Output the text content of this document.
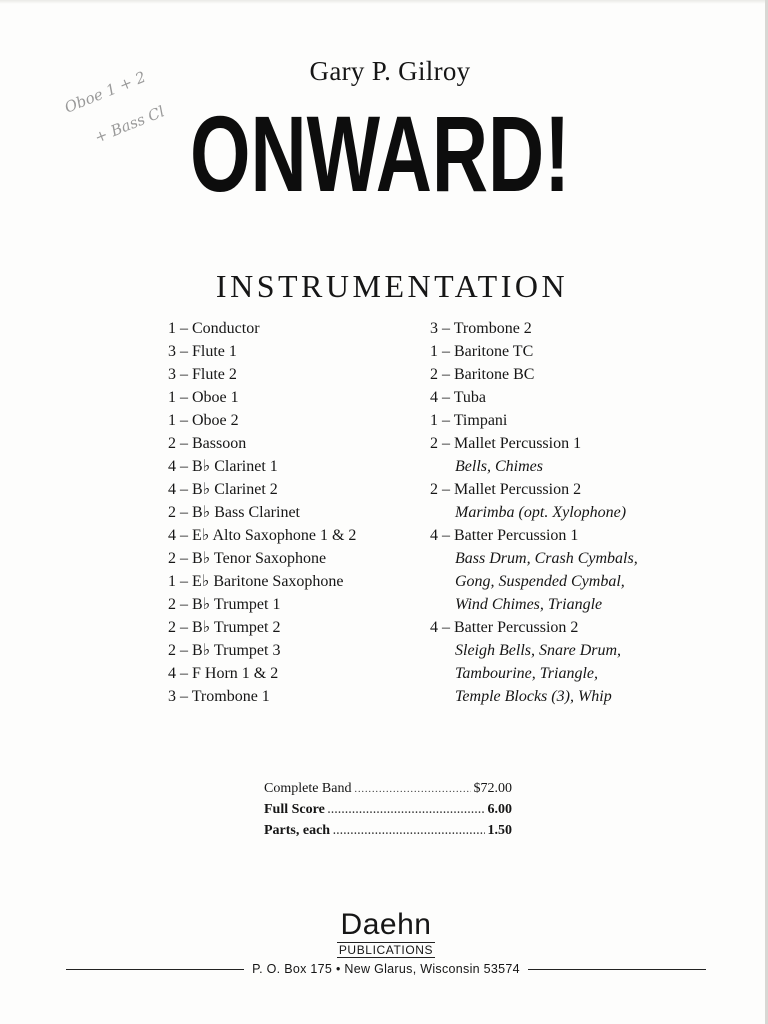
Gary P. Gilroy
Oboe 1 + 2
+ Bass Cl ONWARD!
INSTRUMENTATION
1 – Conductor
3 – Flute 1
3 – Flute 2
1 – Oboe 1
1 – Oboe 2
2 – Bassoon
4 – B♭ Clarinet 1
4 – B♭ Clarinet 2
2 – B♭ Bass Clarinet
4 – E♭ Alto Saxophone 1 & 2
2 – B♭ Tenor Saxophone
1 – E♭ Baritone Saxophone
2 – B♭ Trumpet 1
2 – B♭ Trumpet 2
2 – B♭ Trumpet 3
4 – F Horn 1 & 2
3 – Trombone 1
3 – Trombone 2
1 – Baritone TC
2 – Baritone BC
4 – Tuba
1 – Timpani
2 – Mallet Percussion 1
Bells, Chimes
2 – Mallet Percussion 2
Marimba (opt. Xylophone)
4 – Batter Percussion 1
Bass Drum, Crash Cymbals,
Gong, Suspended Cymbal,
Wind Chimes, Triangle
4 – Batter Percussion 2
Sleigh Bells, Snare Drum,
Tambourine, Triangle,
Temple Blocks (3), Whip
Complete Band .....	$72.00
Full Score .....	6.00
Parts, each .....	1.50
Daehn
PUBLICATIONS
P. O. Box 175 • New Glarus, Wisconsin 53574
